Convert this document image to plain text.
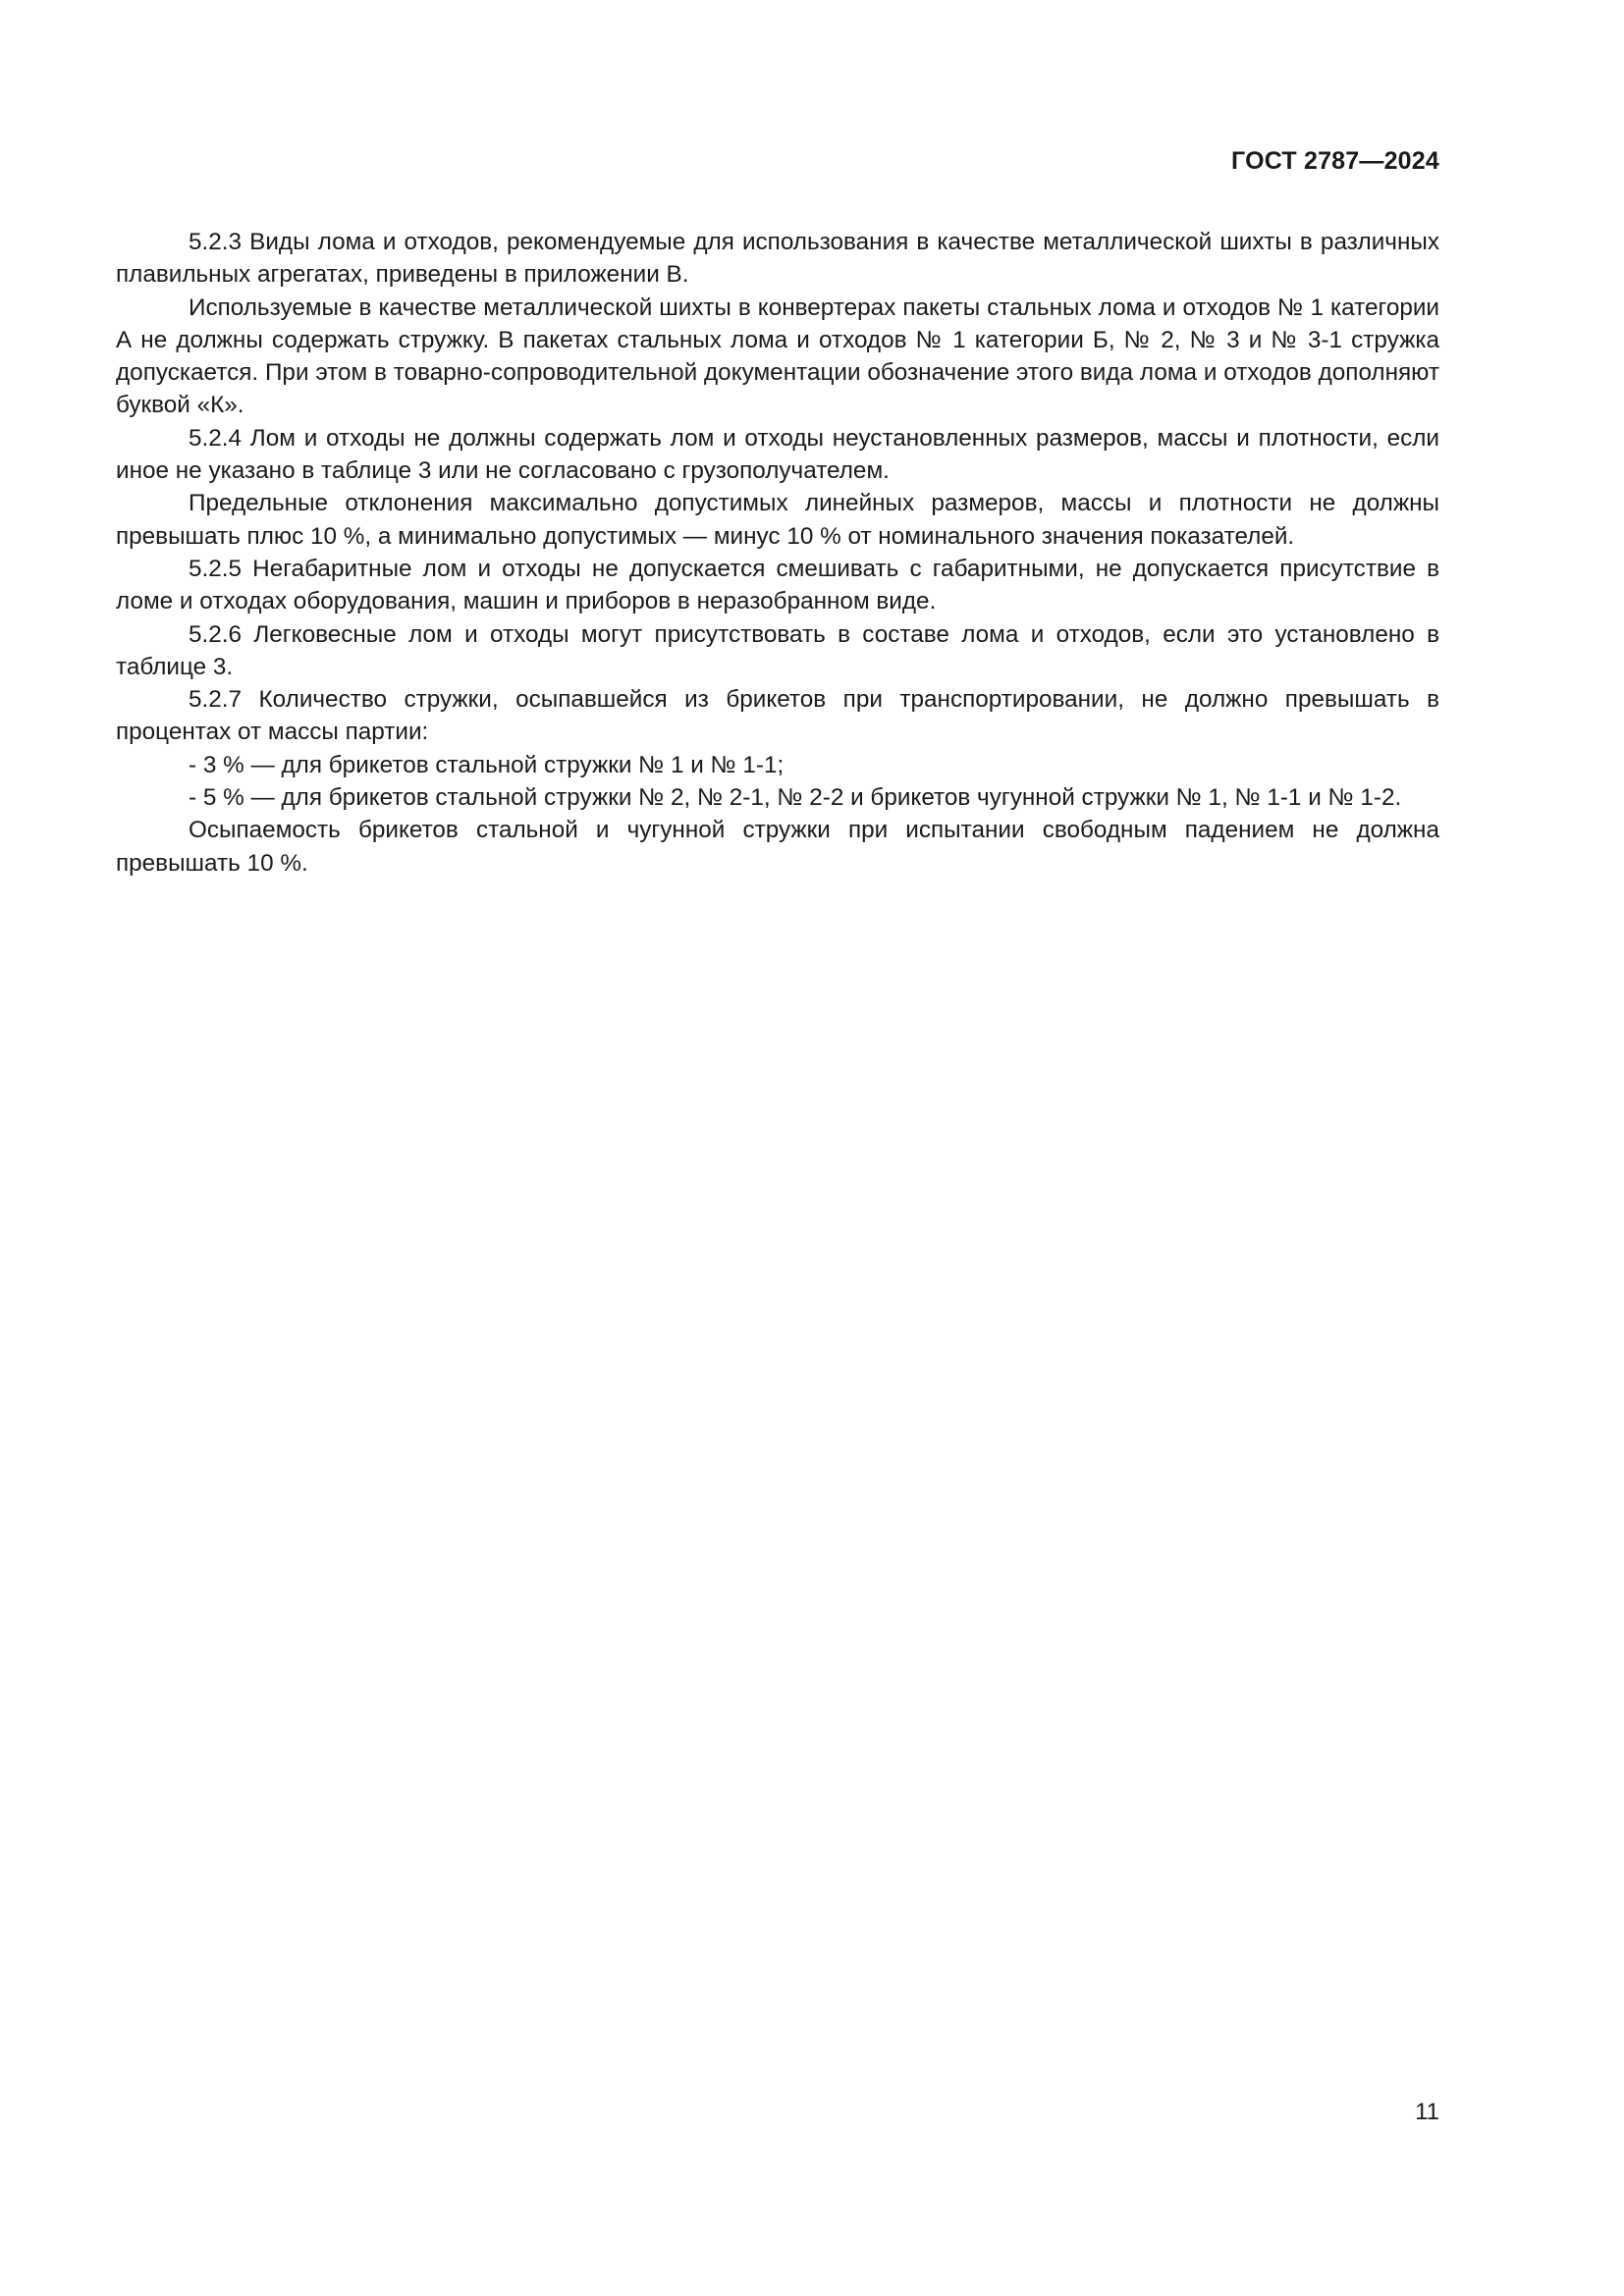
ГОСТ 2787—2024

5.2.3 Виды лома и отходов, рекомендуемые для использования в качестве металлической шихты в различных плавильных агрегатах, приведены в приложении В.

Используемые в качестве металлической шихты в конвертерах пакеты стальных лома и отходов № 1 категории А не должны содержать стружку. В пакетах стальных лома и отходов № 1 категории Б, № 2, № 3 и № 3-1 стружка допускается. При этом в товарно-сопроводительной документации обозначение этого вида лома и отходов дополняют буквой «К».

5.2.4 Лом и отходы не должны содержать лом и отходы неустановленных размеров, массы и плотности, если иное не указано в таблице 3 или не согласовано с грузополучателем.

Предельные отклонения максимально допустимых линейных размеров, массы и плотности не должны превышать плюс 10 %, а минимально допустимых — минус 10 % от номинального значения показателей.

5.2.5 Негабаритные лом и отходы не допускается смешивать с габаритными, не допускается присутствие в ломе и отходах оборудования, машин и приборов в неразобранном виде.

5.2.6 Легковесные лом и отходы могут присутствовать в составе лома и отходов, если это установлено в таблице 3.

5.2.7 Количество стружки, осыпавшейся из брикетов при транспортировании, не должно превышать в процентах от массы партии:

- 3 % — для брикетов стальной стружки № 1 и № 1-1;

- 5 % — для брикетов стальной стружки № 2, № 2-1, № 2-2 и брикетов чугунной стружки № 1, № 1-1 и № 1-2.

Осыпаемость брикетов стальной и чугунной стружки при испытании свободным падением не должна превышать 10 %.

11
